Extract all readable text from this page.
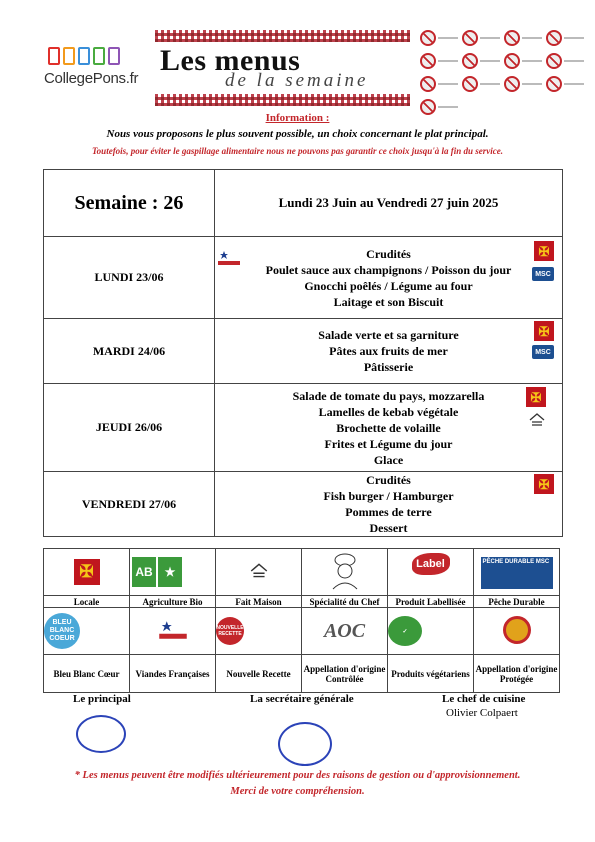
CollegePons.fr
Les menus
de la semaine
Information :
Nous vous proposons le plus souvent possible, un choix concernant le plat principal.
Toutefois, pour éviter le gaspillage alimentaire nous ne pouvons pas garantir ce choix jusqu'à la fin du service.
Semaine : 26	Lundi 23 Juin au Vendredi 27 juin 2025
LUNDI 23/06	Crudités
Poulet sauce aux champignons / Poisson du jour
Gnocchi poêlés / Légume au four
Laitage et son Biscuit
✠
MSC

MARDI 24/06	Salade verte et sa garniture
Pâtes aux fruits de mer
Pâtisserie
✠
MSC

JEUDI 26/06	Salade de tomate du pays, mozzarella
Lamelles de kebab végétale
Brochette de volaille
Frites et Légume du jour
Glace
✠

VENDREDI 27/06	Crudités
Fish burger / Hamburger
Pommes de terre
Dessert
✠
✠	AB ★			Label Rouge	PÊCHE DURABLE MSC
Locale	Agriculture Bio	Fait Maison	Spécialité du Chef	Produit Labellisée	Pêche Durable

BLEU BLANC COEUR		NOUVELLE RECETTE	AOC	✓	

Bleu Blanc Cœur	Viandes Françaises	Nouvelle Recette	Appellation d'origine Contrôlée	Produits végétariens	Appellation d'origine Protégée
Le principal	La secrétaire générale	Le chef de cuisine
Olivier Colpaert
* Les menus peuvent être modifiés ultérieurement pour des raisons de gestion ou d'approvisionnement.
Merci de votre compréhension.
